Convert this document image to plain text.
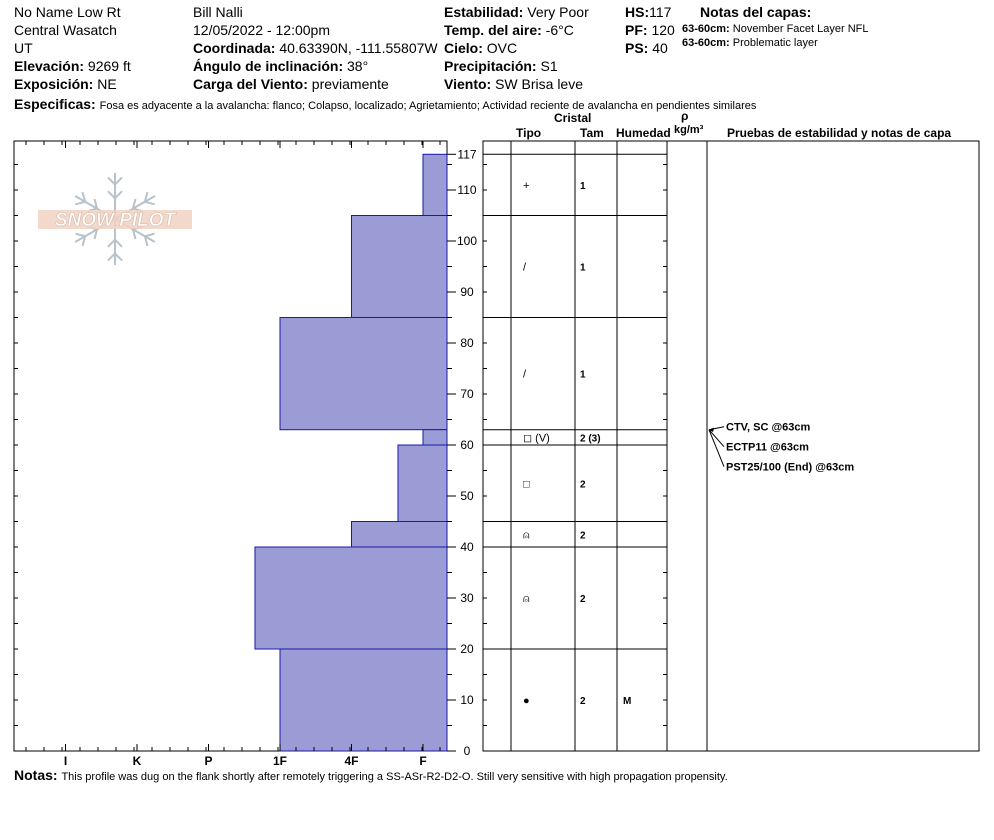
No Name Low Rt
Central Wasatch
UT
Elevación: 9269 ft
Exposición: NE
Bill Nalli
12/05/2022 - 12:00pm
Coordinada: 40.63390N, -111.55807W
Ángulo de inclinación: 38°
Carga del Viento: previamente
Estabilidad: Very Poor
Temp. del aire: -6°C
Cielo: OVC
Precipitación: S1
Viento: SW Brisa leve
HS:117
PF: 120
PS: 40
Notas del capas:
63-60cm: November Facet Layer NFL
63-60cm: Problematic layer
Especificas: Fosa es adyacente a la avalancha: flanco; Colapso, localizado; Agrietamiento; Actividad reciente de avalancha en pendientes similares
Cristal
Tipo	Tam Humedad
ρ
kg/m³ Pruebas de estabilidad y notas de capa
SNOW PILOT
I	K	P	1F	4F	F
0
10
20
30
40
50
60
70
80
90
100
110
117
+	1
/	1
/	1
◻ (V)	2 (3)
□	2
⍝	2
⍝	2
●	2	M
CTV, SC @63cm
ECTP11 @63cm
PST25/100 (End) @63cm
Notas: This profile was dug on the flank shortly after remotely triggering a SS-ASr-R2-D2-O. Still very sensitive with high propagation propensity.
